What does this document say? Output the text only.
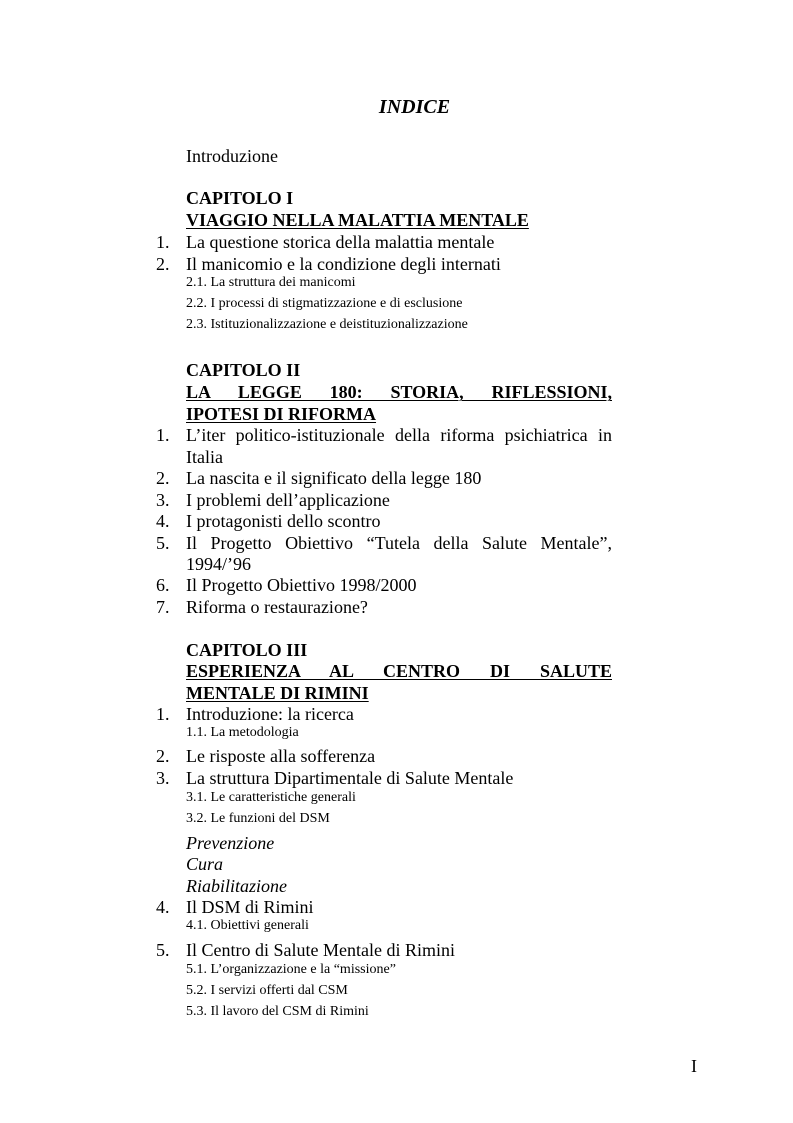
INDICE
Introduzione
CAPITOLO I
VIAGGIO NELLA MALATTIA MENTALE
1. La questione storica della malattia mentale
2. Il manicomio e la condizione degli internati
2.1. La struttura dei manicomi
2.2. I processi di stigmatizzazione e di esclusione
2.3. Istituzionalizzazione e deistituzionalizzazione
CAPITOLO II
LA LEGGE 180: STORIA, RIFLESSIONI,
IPOTESI DI RIFORMA
1. L’iter politico-istituzionale della riforma psichiatrica in
Italia
2. La nascita e il significato della legge 180
3. I problemi dell’applicazione
4. I protagonisti dello scontro
5. Il Progetto Obiettivo “Tutela della Salute Mentale”,
1994/’96
6. Il Progetto Obiettivo 1998/2000
7. Riforma o restaurazione?
CAPITOLO III
ESPERIENZA AL CENTRO DI SALUTE
MENTALE DI RIMINI
1. Introduzione: la ricerca
1.1. La metodologia
2. Le risposte alla sofferenza
3. La struttura Dipartimentale di Salute Mentale
3.1. Le caratteristiche generali
3.2. Le funzioni del DSM
Prevenzione
Cura
Riabilitazione
4. Il DSM di Rimini
4.1. Obiettivi generali
5. Il Centro di Salute Mentale di Rimini
5.1. L’organizzazione e la “missione”
5.2. I servizi offerti dal CSM
5.3. Il lavoro del CSM di Rimini
I
